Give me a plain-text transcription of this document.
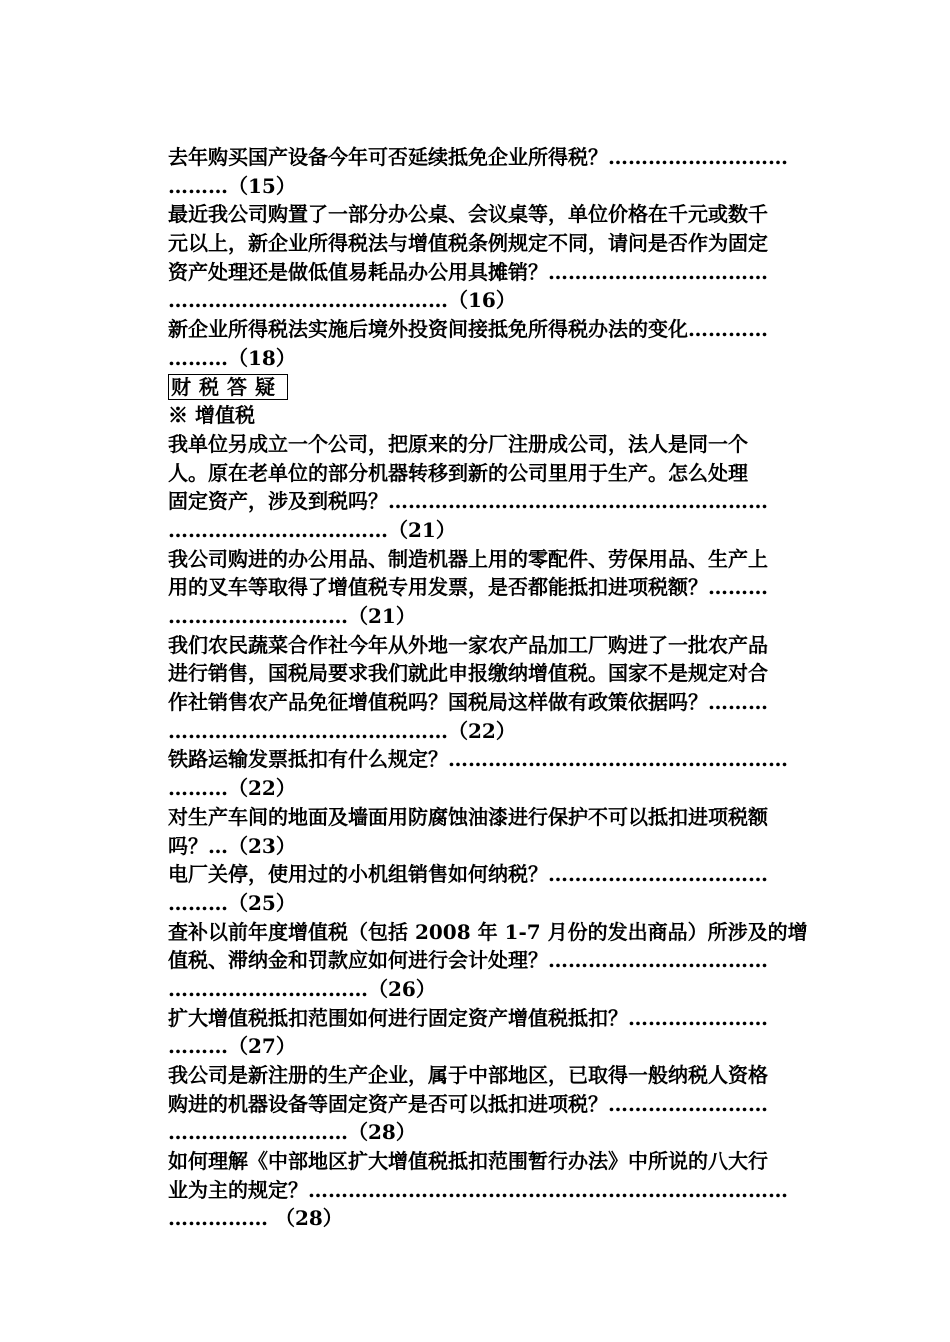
去年购买国产设备今年可否延续抵免企业所得税？………………………
………（15）
最近我公司购置了一部分办公桌、会议桌等，单位价格在千元或数千
元以上，新企业所得税法与增值税条例规定不同，请问是否作为固定
资产处理还是做低值易耗品办公用具摊销？……………………………
……………………………………（16）
新企业所得税法实施后境外投资间接抵免所得税办法的变化…………
………（18）
财税答疑
※ 增值税
我单位另成立一个公司，把原来的分厂注册成公司，法人是同一个
人。原在老单位的部分机器转移到新的公司里用于生产。怎么处理
固定资产，涉及到税吗？…………………………………………………
……………………………（21）
我公司购进的办公用品、制造机器上用的零配件、劳保用品、生产上
用的叉车等取得了增值税专用发票，是否都能抵扣进项税额？………
………………………（21）
我们农民蔬菜合作社今年从外地一家农产品加工厂购进了一批农产品
进行销售，国税局要求我们就此申报缴纳增值税。国家不是规定对合
作社销售农产品免征增值税吗？国税局这样做有政策依据吗？………
……………………………………（22）
铁路运输发票抵扣有什么规定？……………………………………………
………（22）
对生产车间的地面及墙面用防腐蚀油漆进行保护不可以抵扣进项税额
吗？…（23）
电厂关停，使用过的小机组销售如何纳税？……………………………
………（25）
查补以前年度增值税（包括 2008 年 1-7 月份的发出商品）所涉及的增
值税、滞纳金和罚款应如何进行会计处理？……………………………
…………………………（26）
扩大增值税抵扣范围如何进行固定资产增值税抵扣？…………………
………（27）
我公司是新注册的生产企业，属于中部地区，已取得一般纳税人资格
购进的机器设备等固定资产是否可以抵扣进项税？……………………
………………………（28）
如何理解《中部地区扩大增值税抵扣范围暂行办法》中所说的八大行
业为主的规定？………………………………………………………………
…………… （28）
